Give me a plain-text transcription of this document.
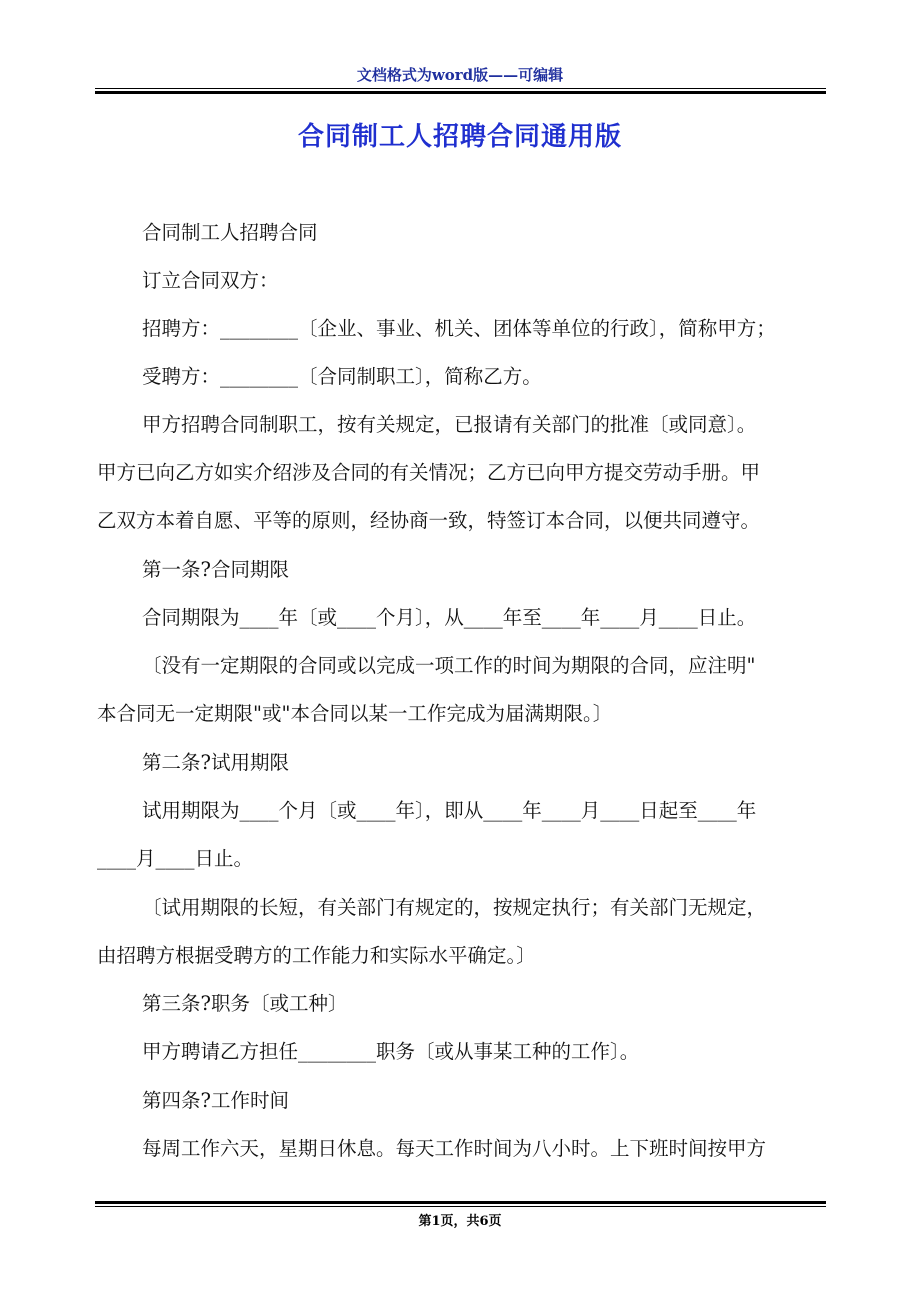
文档格式为word版——可编辑
合同制工人招聘合同通用版
合同制工人招聘合同
订立合同双方：
招聘方：________〔企业、事业、机关、团体等单位的行政〕，简称甲方；
受聘方：________〔合同制职工〕，简称乙方。
甲方招聘合同制职工，按有关规定，已报请有关部门的批准〔或同意〕。
甲方已向乙方如实介绍涉及合同的有关情况；乙方已向甲方提交劳动手册。甲
乙双方本着自愿、平等的原则，经协商一致，特签订本合同，以便共同遵守。
第一条?合同期限
合同期限为____年〔或____个月〕，从____年至____年____月____日止。
〔没有一定期限的合同或以完成一项工作的时间为期限的合同，应注明"
本合同无一定期限"或"本合同以某一工作完成为届满期限。〕
第二条?试用期限
试用期限为____个月〔或____年〕，即从____年____月____日起至____年
____月____日止。
〔试用期限的长短，有关部门有规定的，按规定执行；有关部门无规定，
由招聘方根据受聘方的工作能力和实际水平确定。〕
第三条?职务〔或工种〕
甲方聘请乙方担任________职务〔或从事某工种的工作〕。
第四条?工作时间
每周工作六天，星期日休息。每天工作时间为八小时。上下班时间按甲方
第1页，共6页
